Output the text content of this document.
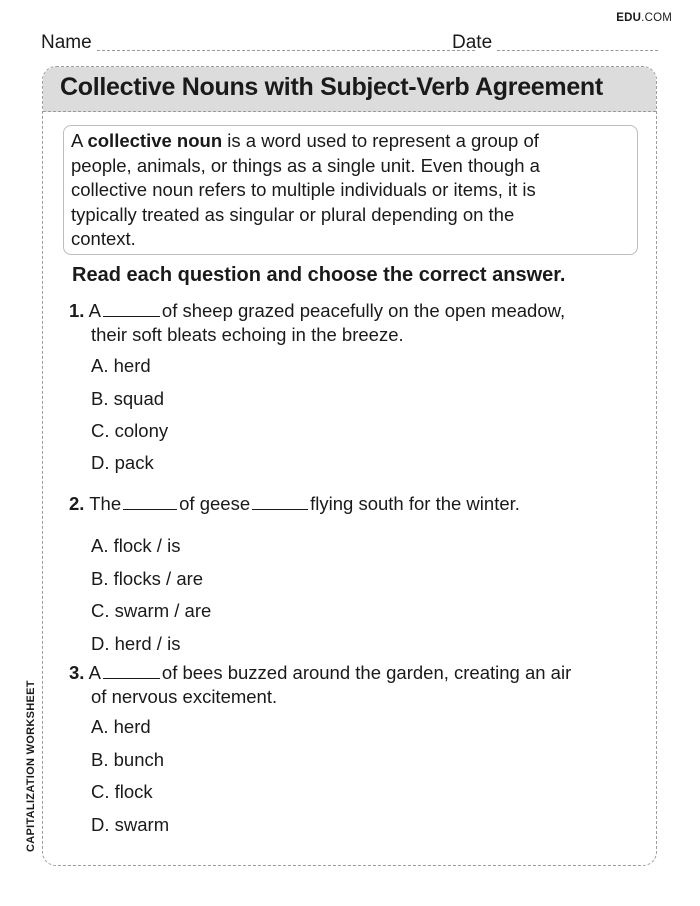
EDU.COM
Name	Date
Collective Nouns with Subject-Verb Agreement
A collective noun is a word used to represent a group of
people, animals, or things as a single unit. Even though a
collective noun refers to multiple individuals or items, it is
typically treated as singular or plural depending on the
context.

Read each question and choose the correct answer.

1. A	of sheep grazed peacefully on the open meadow,
their soft bleats echoing in the breeze.
A. herd
B. squad
C. colony
D. pack
2. The	of geese	flying south for the winter.
A. flock / is
B. flocks / are
C. swarm / are
D. herd / is
3. A	of bees buzzed around the garden, creating an air
of nervous excitement.
A. herd
B. bunch
C. flock
D. swarm
CAPITALIZATION WORKSHEET
